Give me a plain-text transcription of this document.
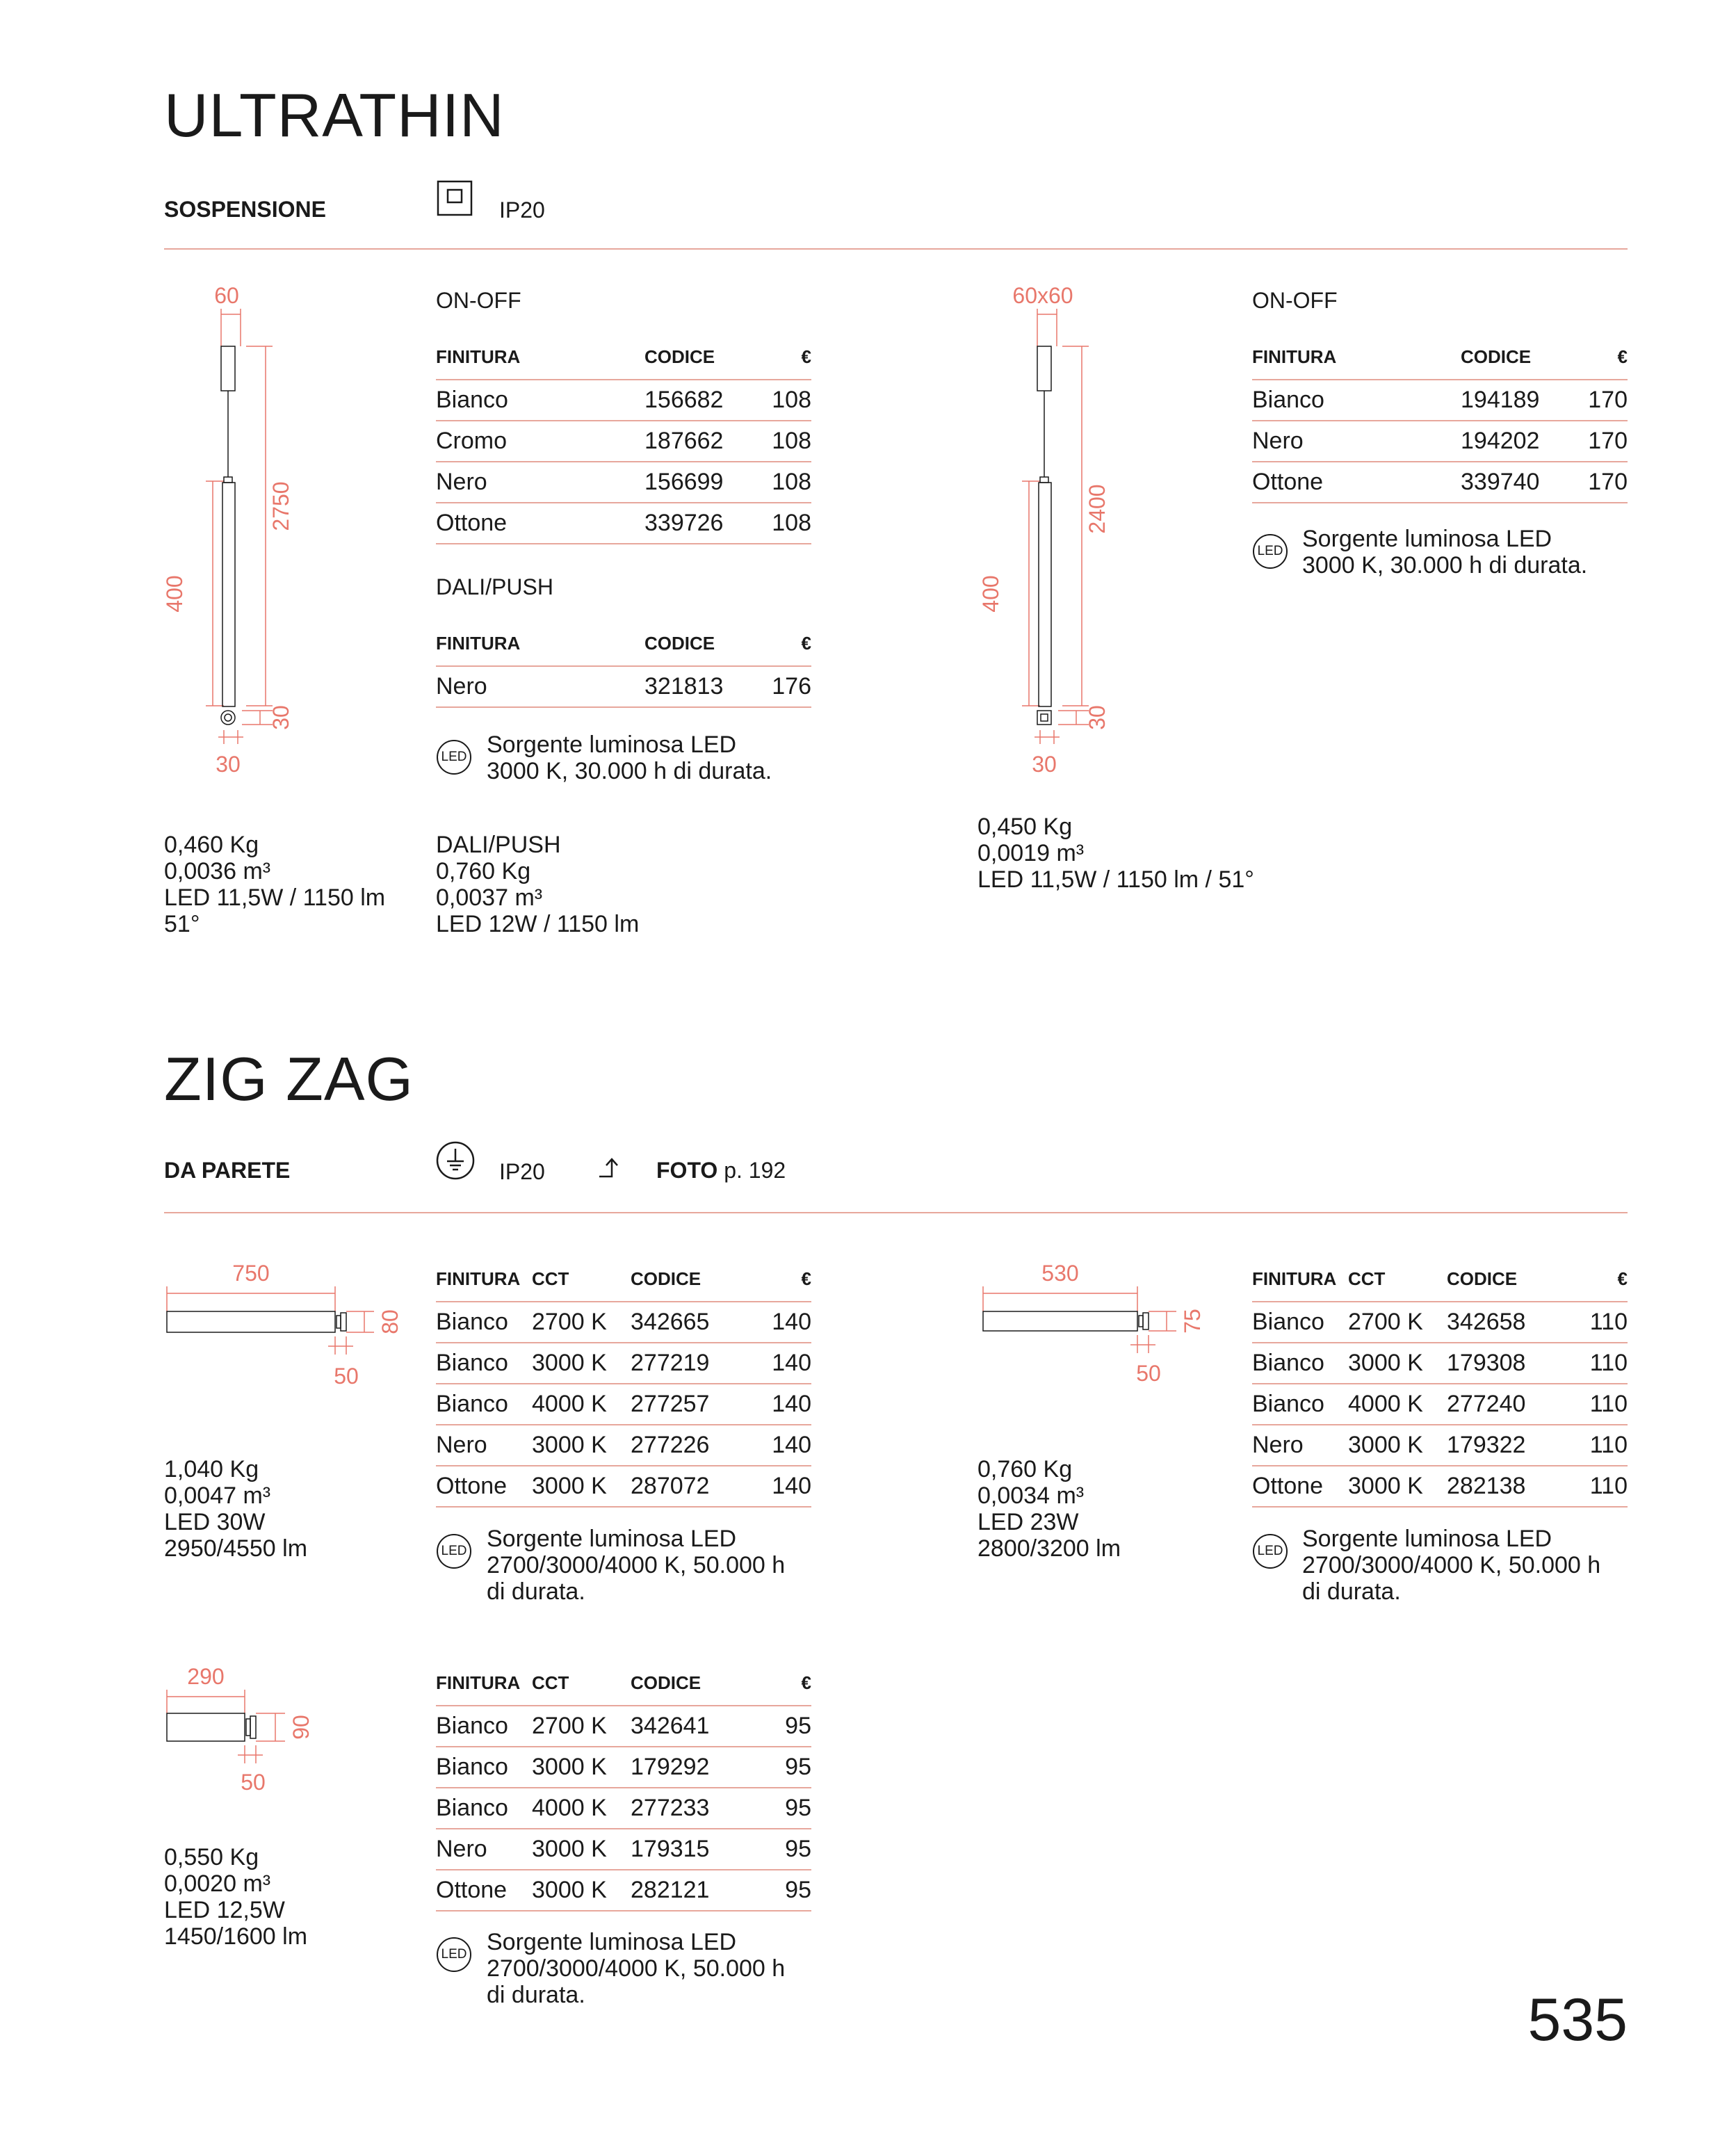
ULTRATHIN
SOSPENSIONE	IP20
60
2750
400
30
30
ON-OFF
FINITURA	CODICE	€
Bianco	156682	108
Cromo	187662	108
Nero	156699	108
Ottone	339726	108
DALI/PUSH
FINITURA	CODICE	€
Nero	321813	176
LED Sorgente luminosa LED
3000 K, 30.000 h di durata.
0,460 Kg
0,0036 m³
LED 11,5W / 1150 lm
51°
DALI/PUSH
0,760 Kg
0,0037 m³
LED 12W / 1150 lm
60x60
2400
400
30
30
ON-OFF
FINITURA	CODICE	€
Bianco	194189	170
Nero	194202	170
Ottone	339740	170
LED Sorgente luminosa LED
3000 K, 30.000 h di durata.
0,450 Kg
0,0019 m³
LED 11,5W / 1150 lm / 51°
ZIG ZAG
DA PARETE	IP20	FOTO p. 192
750
80
50
FINITURA	CCT	CODICE	€
Bianco	2700 K	342665	140
Bianco	3000 K	277219	140
Bianco	4000 K	277257	140
Nero	3000 K	277226	140
Ottone	3000 K	287072	140
LED Sorgente luminosa LED
2700/3000/4000 K, 50.000 h
di durata.
1,040 Kg
0,0047 m³
LED 30W
2950/4550 lm
530
75
50
FINITURA	CCT	CODICE	€
Bianco	2700 K	342658	110
Bianco	3000 K	179308	110
Bianco	4000 K	277240	110
Nero	3000 K	179322	110
Ottone	3000 K	282138	110
LED Sorgente luminosa LED
2700/3000/4000 K, 50.000 h
di durata.
0,760 Kg
0,0034 m³
LED 23W
2800/3200 lm
290
90
50
FINITURA	CCT	CODICE	€
Bianco	2700 K	342641	95
Bianco	3000 K	179292	95
Bianco	4000 K	277233	95
Nero	3000 K	179315	95
Ottone	3000 K	282121	95
LED Sorgente luminosa LED
2700/3000/4000 K, 50.000 h
di durata.
0,550 Kg
0,0020 m³
LED 12,5W
1450/1600 lm
535
